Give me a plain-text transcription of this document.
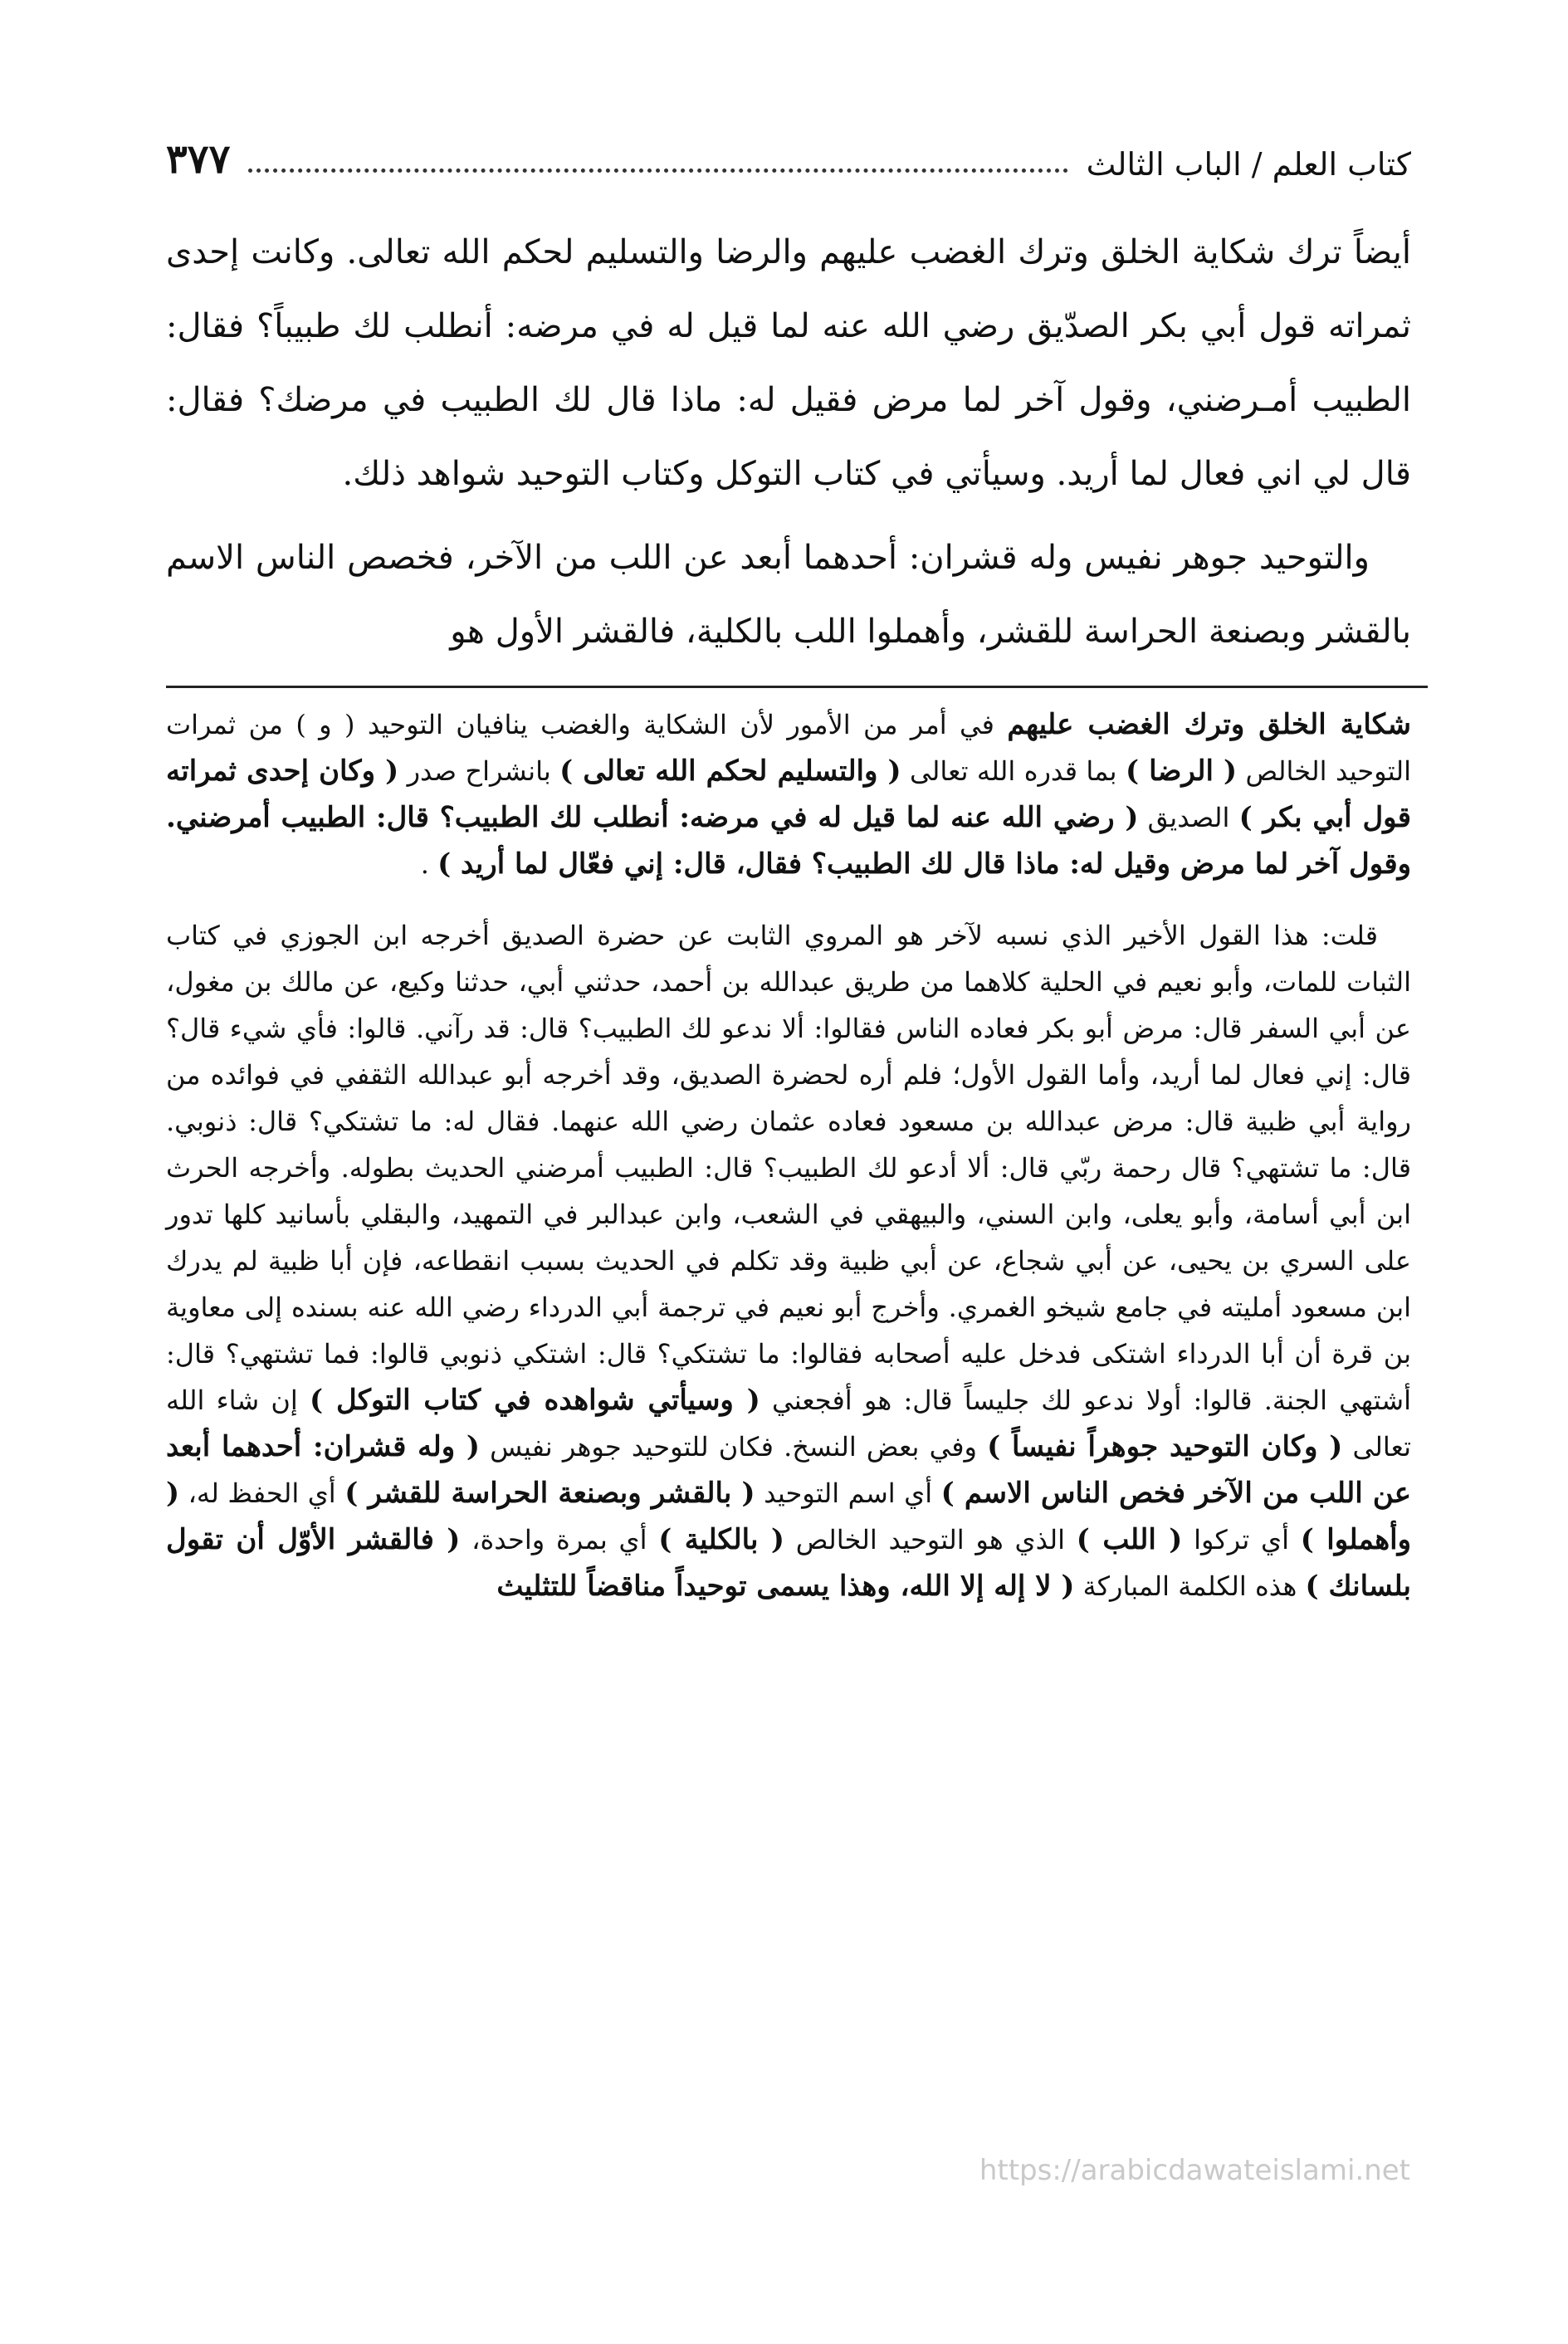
كتاب العلم / الباب الثالث
٣٧٧

أيضاً ترك شكاية الخلق وترك الغضب عليهم والرضا والتسليم لحكم الله تعالى. وكانت إحدى ثمراته قول أبي بكر الصدّيق رضي الله عنه لما قيل له في مرضه: أنطلب لك طبيباً؟ فقال: الطبيب أمـرضني، وقول آخر لما مرض فقيل له: ماذا قال لك الطبيب في مرضك؟ فقال: قال لي اني فعال لما أريد. وسيأتي في كتاب التوكل وكتاب التوحيد شواهد ذلك.

والتوحيد جوهر نفيس وله قشران: أحدهما أبعد عن اللب من الآخر، فخصص الناس الاسم بالقشر وبصنعة الحراسة للقشر، وأهملوا اللب بالكلية، فالقشر الأول هو

شكاية الخلق وترك الغضب عليهم في أمر من الأمور لأن الشكاية والغضب ينافيان التوحيد ( و ) من ثمرات التوحيد الخالص ( الرضا ) بما قدره الله تعالى ( والتسليم لحكم الله تعالى ) بانشراح صدر ( وكان إحدى ثمراته قول أبي بكر ) الصديق ( رضي الله عنه لما قيل له في مرضه: أنطلب لك الطبيب؟ قال: الطبيب أمرضني. وقول آخر لما مرض وقيل له: ماذا قال لك الطبيب؟ فقال، قال: إني فعّال لما أريد ) .

قلت: هذا القول الأخير الذي نسبه لآخر هو المروي الثابت عن حضرة الصديق أخرجه ابن الجوزي في كتاب الثبات للمات، وأبو نعيم في الحلية كلاهما من طريق عبدالله بن أحمد، حدثني أبي، حدثنا وكيع، عن مالك بن مغول، عن أبي السفر قال: مرض أبو بكر فعاده الناس فقالوا: ألا ندعو لك الطبيب؟ قال: قد رآني. قالوا: فأي شيء قال؟ قال: إني فعال لما أريد، وأما القول الأول؛ فلم أره لحضرة الصديق، وقد أخرجه أبو عبدالله الثقفي في فوائده من رواية أبي ظبية قال: مرض عبدالله بن مسعود فعاده عثمان رضي الله عنهما. فقال له: ما تشتكي؟ قال: ذنوبي. قال: ما تشتهي؟ قال رحمة ربّي قال: ألا أدعو لك الطبيب؟ قال: الطبيب أمرضني الحديث بطوله. وأخرجه الحرث ابن أبي أسامة، وأبو يعلى، وابن السني، والبيهقي في الشعب، وابن عبدالبر في التمهيد، والبقلي بأسانيد كلها تدور على السري بن يحيى، عن أبي شجاع، عن أبي ظبية وقد تكلم في الحديث بسبب انقطاعه، فإن أبا ظبية لم يدرك ابن مسعود أمليته في جامع شيخو الغمري. وأخرج أبو نعيم في ترجمة أبي الدرداء رضي الله عنه بسنده إلى معاوية بن قرة أن أبا الدرداء اشتكى فدخل عليه أصحابه فقالوا: ما تشتكي؟ قال: اشتكي ذنوبي قالوا: فما تشتهي؟ قال: أشتهي الجنة. قالوا: أولا ندعو لك جليساً قال: هو أفجعني ( وسيأتي شواهده في كتاب التوكل ) إن شاء الله تعالى ( وكان التوحيد جوهراً نفيساً ) وفي بعض النسخ. فكان للتوحيد جوهر نفيس ( وله قشران: أحدهما أبعد عن اللب من الآخر فخص الناس الاسم ) أي اسم التوحيد ( بالقشر وبصنعة الحراسة للقشر ) أي الحفظ له، ( وأهملوا ) أي تركوا ( اللب ) الذي هو التوحيد الخالص ( بالكلية ) أي بمرة واحدة، ( فالقشر الأوّل أن تقول بلسانك ) هذه الكلمة المباركة ( لا إله إلا الله، وهذا يسمى توحيداً مناقضاً للتثليث

https://arabicdawateislami.net
